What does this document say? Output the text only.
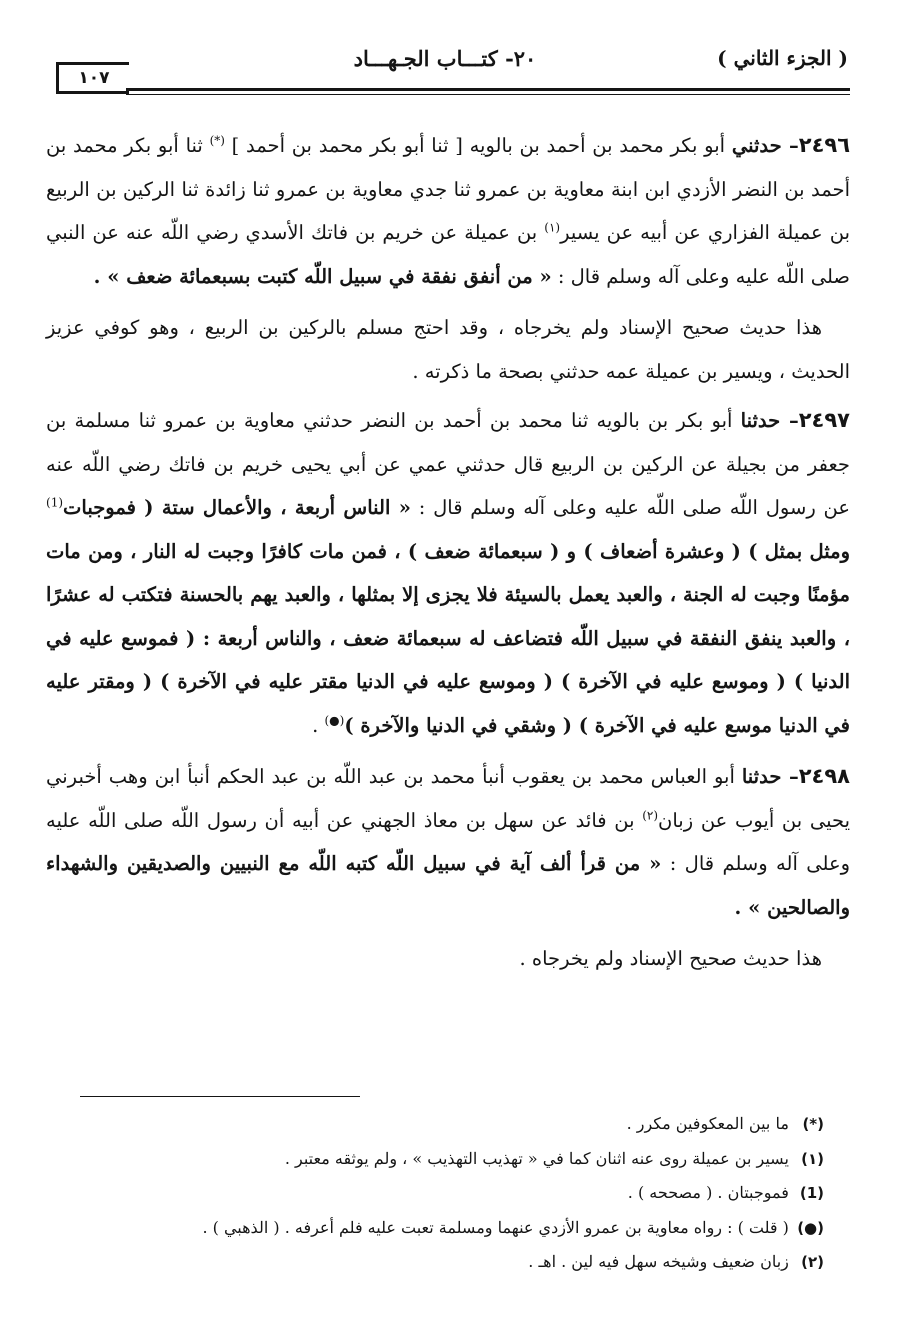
( الجزء الثاني )
٢٠- كتـــاب الجـهـــاد
١٠٧

٢٤٩٦– حدثني أبو بكر محمد بن أحمد بن بالويه [ ثنا أبو بكر محمد بن أحمد ] (*) ثنا أبو بكر محمد بن أحمد بن النضر الأزدي ابن ابنة معاوية بن عمرو ثنا جدي معاوية بن عمرو ثنا زائدة ثنا الركين بن الربيع بن عميلة الفزاري عن أبيه عن يسير$^{(١)}$ بن عميلة عن خريم بن فاتك الأسدي رضي اللّه عنه عن النبي صلى اللّه عليه وعلى آله وسلم قال : « من أنفق نفقة في سبيل اللّه كتبت بسبعمائة ضعف » .

هذا حديث صحيح الإسناد ولم يخرجاه ، وقد احتج مسلم بالركين بن الربيع ، وهو كوفي عزيز الحديث ، ويسير بن عميلة عمه حدثني بصحة ما ذكرته .

٢٤٩٧– حدثنا أبو بكر بن بالويه ثنا محمد بن أحمد بن النضر حدثني معاوية بن عمرو ثنا مسلمة بن جعفر من بجيلة عن الركين بن الربيع قال حدثني عمي عن أبي يحيى خريم بن فاتك رضي اللّه عنه عن رسول اللّه صلى اللّه عليه وعلى آله وسلم قال : « الناس أربعة ، والأعمال ستة ( فموجبات$^{(1)}$ ومثل بمثل ) ( وعشرة أضعاف ) و ( سبعمائة ضعف ) ، فمن مات كافرًا وجبت له النار ، ومن مات مؤمنًا وجبت له الجنة ، والعبد يعمل بالسيئة فلا يجزى إلا بمثلها ، والعبد يهم بالحسنة فتكتب له عشرًا ، والعبد ينفق النفقة في سبيل اللّه فتضاعف له سبعمائة ضعف ، والناس أربعة : ( فموسع عليه في الدنيا ) ( وموسع عليه في الآخرة ) ( وموسع عليه في الدنيا مقتر عليه في الآخرة ) ( ومقتر عليه في الدنيا موسع عليه في الآخرة ) ( وشقي في الدنيا والآخرة )(●) .

٢٤٩٨– حدثنا أبو العباس محمد بن يعقوب أنبأ محمد بن عبد اللّه بن عبد الحكم أنبأ ابن وهب أخبرني يحيى بن أيوب عن زبان$^{(٢)}$ بن فائد عن سهل بن معاذ الجهني عن أبيه أن رسول اللّه صلى اللّه عليه وعلى آله وسلم قال : « من قرأ ألف آية في سبيل اللّه كتبه اللّه مع النبيين والصديقين والشهداء والصالحين » .

هذا حديث صحيح الإسناد ولم يخرجاه .

(*) ما بين المعكوفين مكرر .
(١) يسير بن عميلة روى عنه اثنان كما في « تهذيب التهذيب » ، ولم يوثقه معتبر .
(1) فموجبتان . ( مصححه ) .
(●) ( قلت ) : رواه معاوية بن عمرو الأزدي عنهما ومسلمة تعبت عليه فلم أعرفه . ( الذهبي ) .
(٢) زبان ضعيف وشيخه سهل فيه لين . اهـ .
